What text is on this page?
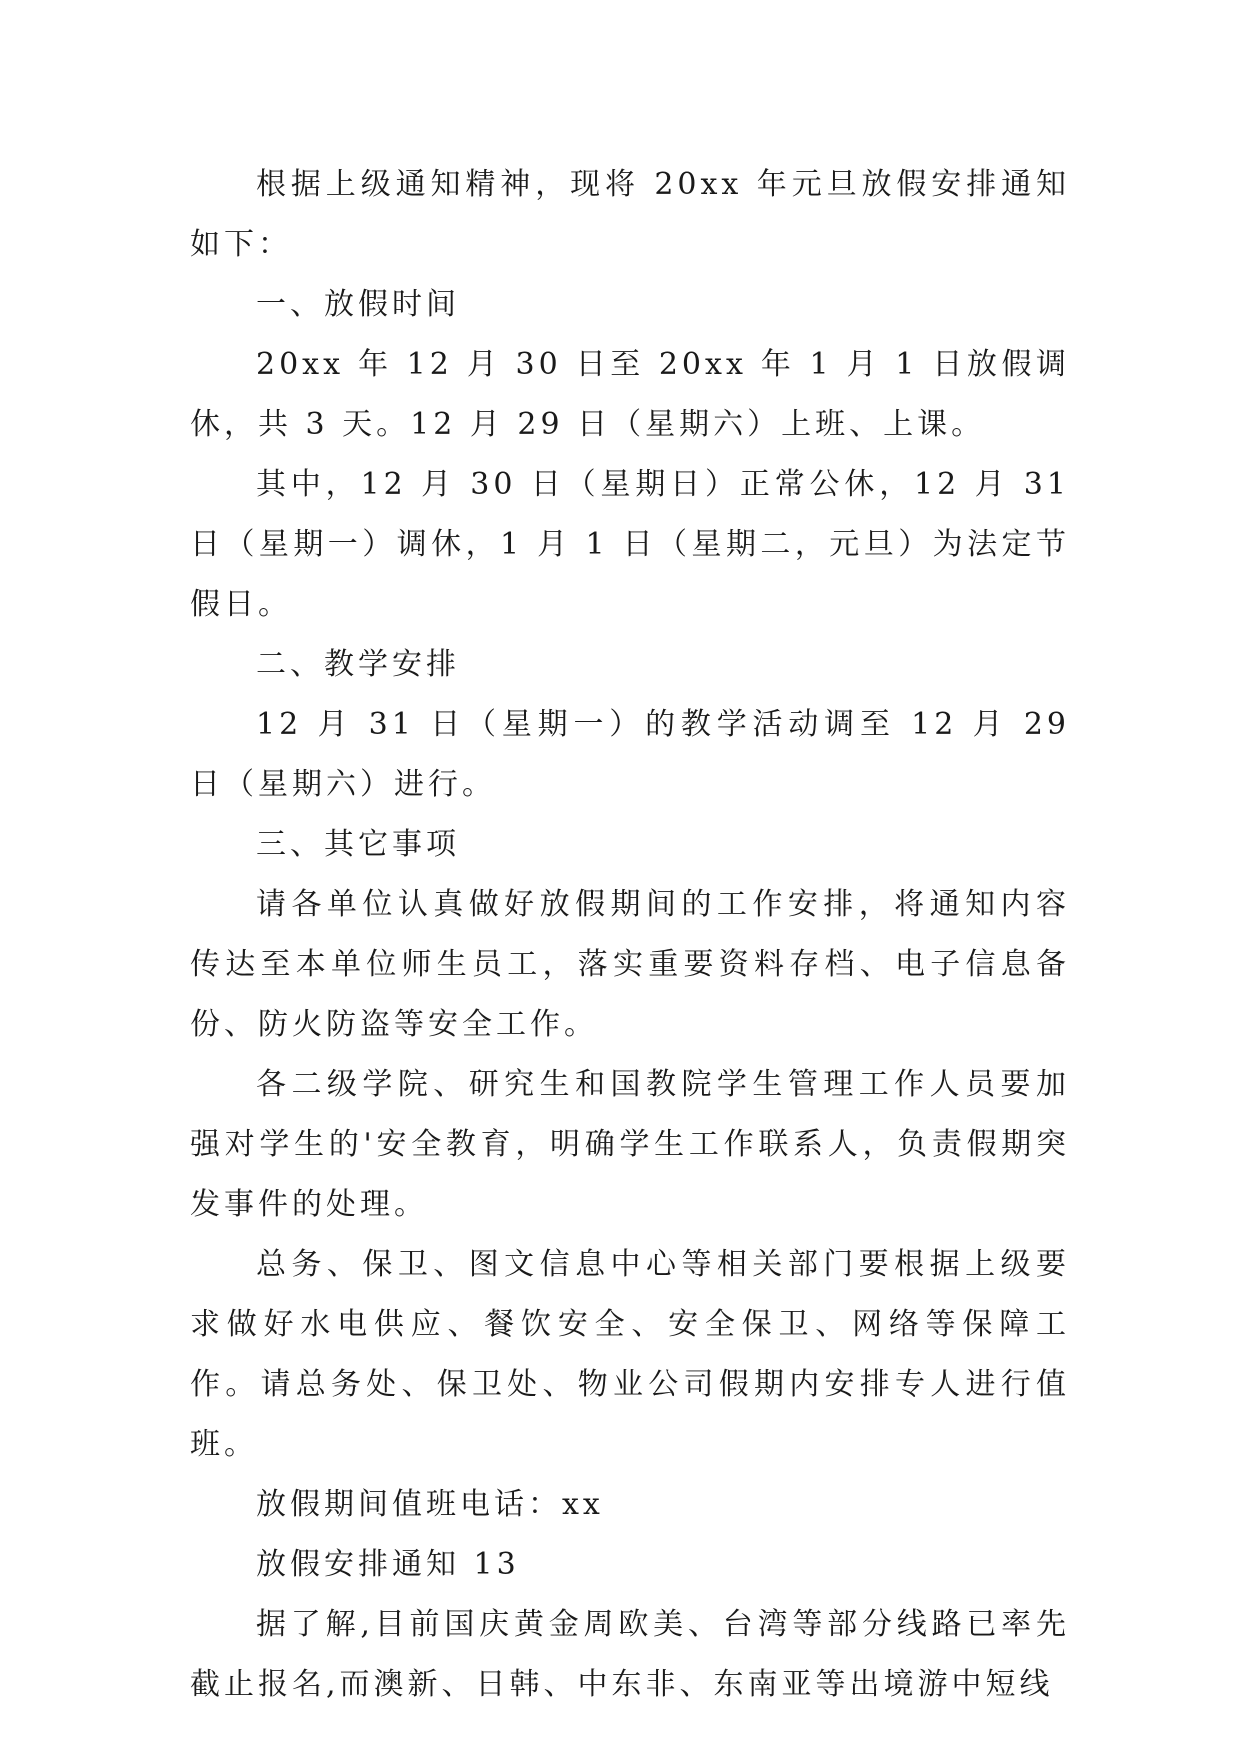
根据上级通知精神，现将 20xx 年元旦放假安排通知如下：

一、放假时间

20xx 年 12 月 30 日至 20xx 年 1 月 1 日放假调休，共 3 天。12 月 29 日（星期六）上班、上课。

其中，12 月 30 日（星期日）正常公休，12 月 31 日（星期一）调休，1 月 1 日（星期二，元旦）为法定节假日。

二、教学安排

12 月 31 日（星期一）的教学活动调至 12 月 29 日（星期六）进行。

三、其它事项

请各单位认真做好放假期间的工作安排，将通知内容传达至本单位师生员工，落实重要资料存档、电子信息备份、防火防盗等安全工作。

各二级学院、研究生和国教院学生管理工作人员要加强对学生的'安全教育，明确学生工作联系人，负责假期突发事件的处理。

总务、保卫、图文信息中心等相关部门要根据上级要求做好水电供应、餐饮安全、安全保卫、网络等保障工作。请总务处、保卫处、物业公司假期内安排专人进行值班。

放假期间值班电话：xx

放假安排通知 13

据了解,目前国庆黄金周欧美、台湾等部分线路已率先截止报名,而澳新、日韩、中东非、东南亚等出境游中短线
